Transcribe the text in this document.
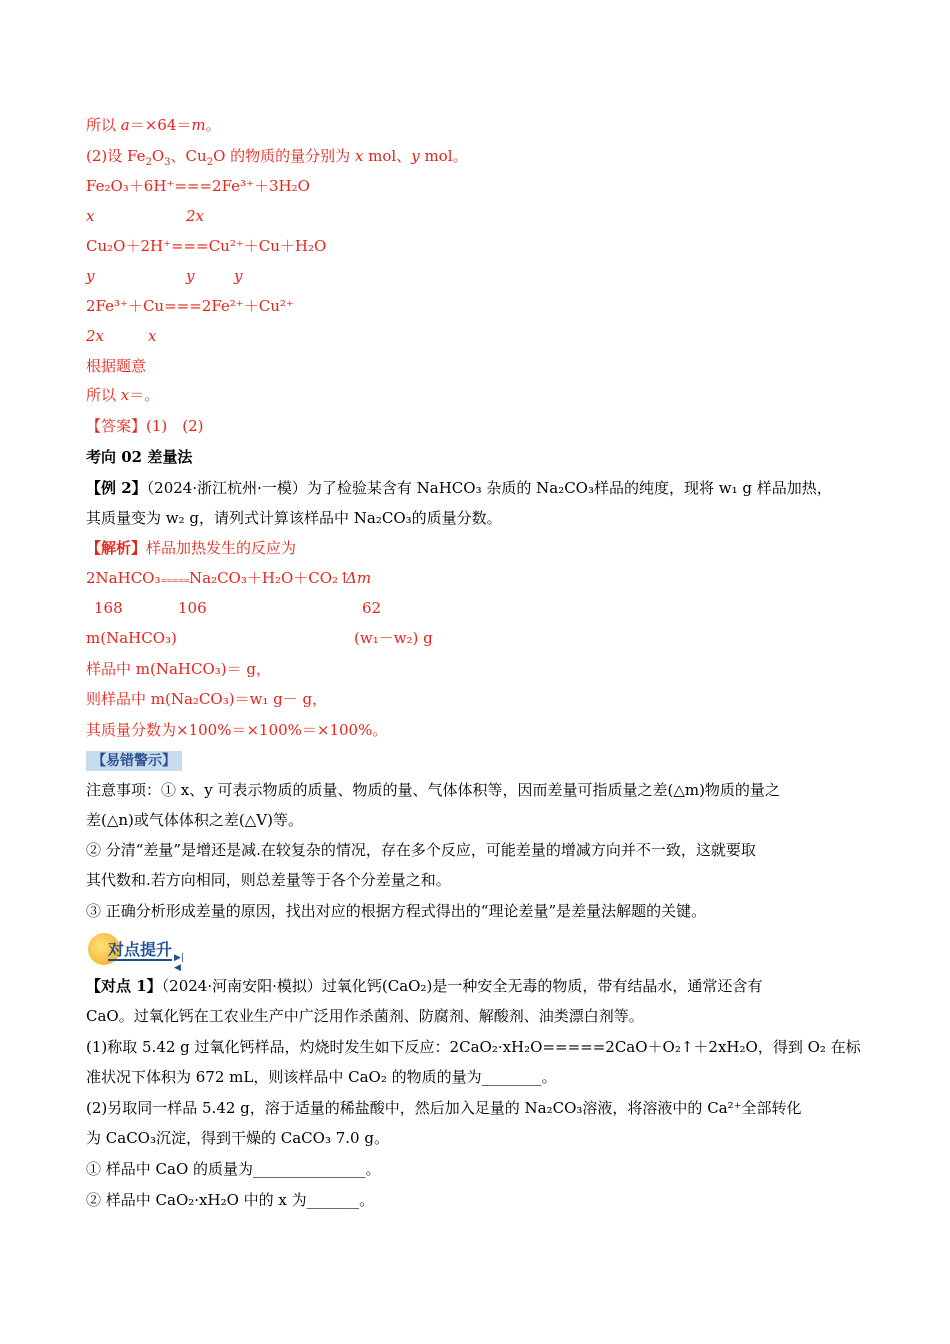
所以 a＝×64＝m。
(2)设 $Fe_2O_3$、$Cu_2O$ 的物质的量分别为 x mol、y mol。
Fe₂O₃＋6H⁺===2Fe³⁺＋3H₂O
x	2x
Cu₂O＋2H⁺===Cu²⁺＋Cu＋H₂O
y	y	y
2Fe³⁺＋Cu===2Fe²⁺＋Cu²⁺
2x	x
根据题意
所以 x＝。
【答案】(1)　(2)
考向 02 差量法
【例 2】（2024·浙江杭州·一模）为了检验某含有 NaHCO₃ 杂质的 Na₂CO₃样品的纯度，现将 w₁ g 样品加热，
其质量变为 w₂ g，请列式计算该样品中 Na₂CO₃的质量分数。
【解析】样品加热发生的反应为
2NaHCO₃=====Na₂CO₃＋H₂O＋CO₂↑
Δm
168	106	62
m(NaHCO₃)	(w₁－w₂) g
样品中 m(NaHCO₃)＝ g，
则样品中 m(Na₂CO₃)＝w₁ g－ g，
其质量分数为×100%＝×100%＝×100%。
【易错警示】
注意事项：① x、y 可表示物质的质量、物质的量、气体体积等，因而差量可指质量之差(△m)物质的量之
差(△n)或气体体积之差(△V)等。
② 分清“差量”是增还是减.在较复杂的情况，存在多个反应，可能差量的增减方向并不一致，这就要取
其代数和.若方向相同，则总差量等于各个分差量之和。
③ 正确分析形成差量的原因，找出对应的根据方程式得出的“理论差量”是差量法解题的关键。
对点提升 ▶|◀
【对点 1】（2024·河南安阳·模拟）过氧化钙(CaO₂)是一种安全无毒的物质，带有结晶水，通常还含有
CaO。过氧化钙在工农业生产中广泛用作杀菌剂、防腐剂、解酸剂、油类漂白剂等。
(1)称取 5.42 g 过氧化钙样品，灼烧时发生如下反应：2CaO₂·xH₂O=====2CaO＋O₂↑＋2xH₂O，得到 O₂ 在标
准状况下体积为 672 mL，则该样品中 CaO₂ 的物质的量为________。
(2)另取同一样品 5.42 g，溶于适量的稀盐酸中，然后加入足量的 Na₂CO₃溶液，将溶液中的 Ca²⁺全部转化
为 CaCO₃沉淀，得到干燥的 CaCO₃ 7.0 g。
① 样品中 CaO 的质量为_______________。
② 样品中 CaO₂·xH₂O 中的 x 为_______。
